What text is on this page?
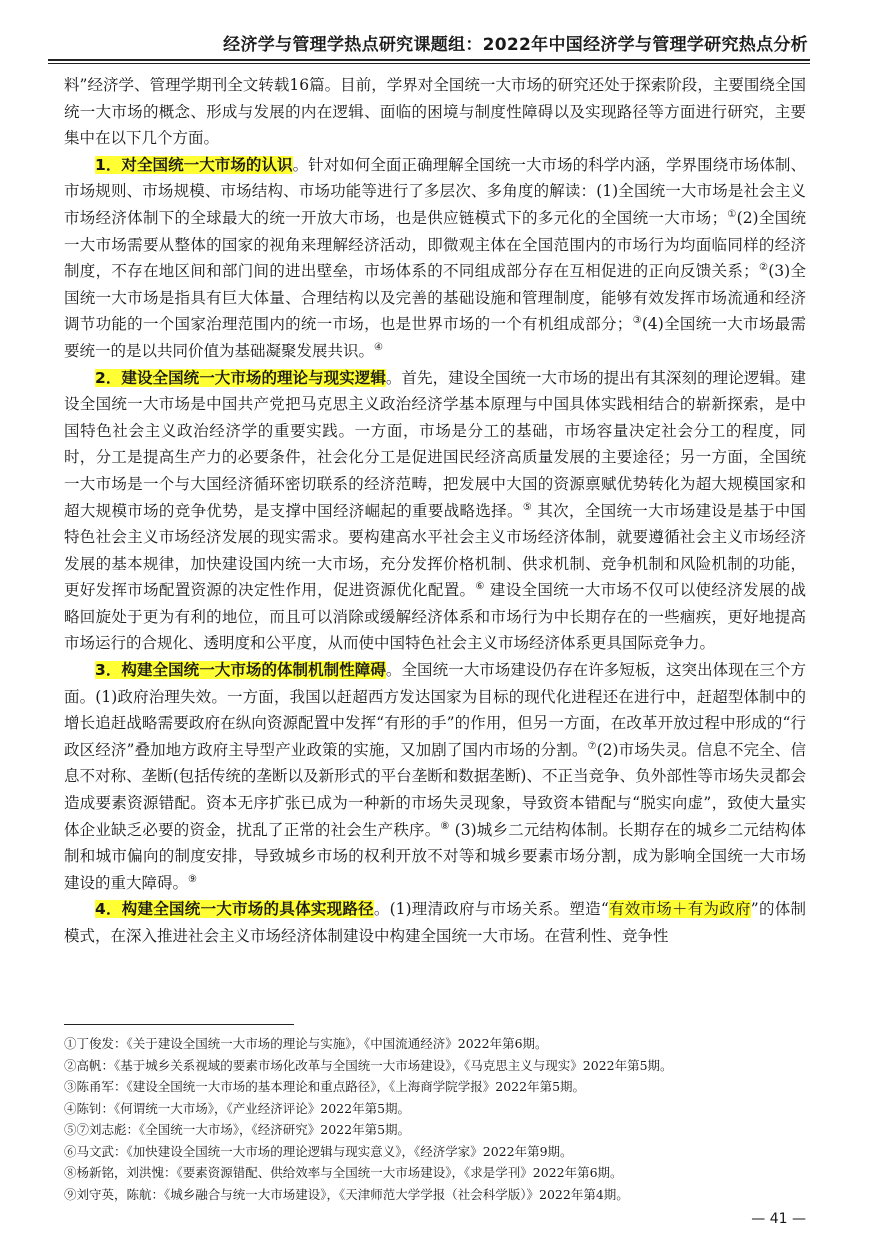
经济学与管理学热点研究课题组：2022年中国经济学与管理学研究热点分析

料”经济学、管理学期刊全文转载16篇。目前，学界对全国统一大市场的研究还处于探索阶段，主要围绕全国统一大市场的概念、形成与发展的内在逻辑、面临的困境与制度性障碍以及实现路径等方面进行研究，主要集中在以下几个方面。

1．对全国统一大市场的认识。针对如何全面正确理解全国统一大市场的科学内涵，学界围绕市场体制、市场规则、市场规模、市场结构、市场功能等进行了多层次、多角度的解读：(1)全国统一大市场是社会主义市场经济体制下的全球最大的统一开放大市场，也是供应链模式下的多元化的全国统一大市场；①(2)全国统一大市场需要从整体的国家的视角来理解经济活动，即微观主体在全国范围内的市场行为均面临同样的经济制度，不存在地区间和部门间的进出壁垒，市场体系的不同组成部分存在互相促进的正向反馈关系；②(3)全国统一大市场是指具有巨大体量、合理结构以及完善的基础设施和管理制度，能够有效发挥市场流通和经济调节功能的一个国家治理范围内的统一市场，也是世界市场的一个有机组成部分；③(4)全国统一大市场最需要统一的是以共同价值为基础凝聚发展共识。④

2．建设全国统一大市场的理论与现实逻辑。首先，建设全国统一大市场的提出有其深刻的理论逻辑。建设全国统一大市场是中国共产党把马克思主义政治经济学基本原理与中国具体实践相结合的崭新探索，是中国特色社会主义政治经济学的重要实践。一方面，市场是分工的基础，市场容量决定社会分工的程度，同时，分工是提高生产力的必要条件，社会化分工是促进国民经济高质量发展的主要途径；另一方面，全国统一大市场是一个与大国经济循环密切联系的经济范畴，把发展中大国的资源禀赋优势转化为超大规模国家和超大规模市场的竞争优势，是支撑中国经济崛起的重要战略选择。⑤ 其次，全国统一大市场建设是基于中国特色社会主义市场经济发展的现实需求。要构建高水平社会主义市场经济体制，就要遵循社会主义市场经济发展的基本规律，加快建设国内统一大市场，充分发挥价格机制、供求机制、竞争机制和风险机制的功能，更好发挥市场配置资源的决定性作用，促进资源优化配置。⑥ 建设全国统一大市场不仅可以使经济发展的战略回旋处于更为有利的地位，而且可以消除或缓解经济体系和市场行为中长期存在的一些痼疾，更好地提高市场运行的合规化、透明度和公平度，从而使中国特色社会主义市场经济体系更具国际竞争力。

3．构建全国统一大市场的体制机制性障碍。全国统一大市场建设仍存在许多短板，这突出体现在三个方面。(1)政府治理失效。一方面，我国以赶超西方发达国家为目标的现代化进程还在进行中，赶超型体制中的增长追赶战略需要政府在纵向资源配置中发挥“有形的手”的作用，但另一方面，在改革开放过程中形成的“行政区经济”叠加地方政府主导型产业政策的实施，又加剧了国内市场的分割。⑦(2)市场失灵。信息不完全、信息不对称、垄断(包括传统的垄断以及新形式的平台垄断和数据垄断)、不正当竞争、负外部性等市场失灵都会造成要素资源错配。资本无序扩张已成为一种新的市场失灵现象，导致资本错配与“脱实向虚”，致使大量实体企业缺乏必要的资金，扰乱了正常的社会生产秩序。⑧ (3)城乡二元结构体制。长期存在的城乡二元结构体制和城市偏向的制度安排，导致城乡市场的权利开放不对等和城乡要素市场分割，成为影响全国统一大市场建设的重大障碍。⑨

4．构建全国统一大市场的具体实现路径。(1)理清政府与市场关系。塑造“有效市场＋有为政府”的体制模式，在深入推进社会主义市场经济体制建设中构建全国统一大市场。在营利性、竞争性

①丁俊发：《关于建设全国统一大市场的理论与实施》，《中国流通经济》2022年第6期。
②高帆：《基于城乡关系视域的要素市场化改革与全国统一大市场建设》，《马克思主义与现实》2022年第5期。
③陈甬军：《建设全国统一大市场的基本理论和重点路径》，《上海商学院学报》2022年第5期。
④陈钊：《何谓统一大市场》，《产业经济评论》2022年第5期。
⑤⑦刘志彪：《全国统一大市场》，《经济研究》2022年第5期。
⑥马文武：《加快建设全国统一大市场的理论逻辑与现实意义》，《经济学家》2022年第9期。
⑧杨新铭，刘洪愧：《要素资源错配、供给效率与全国统一大市场建设》，《求是学刊》2022年第6期。
⑨刘守英，陈航：《城乡融合与统一大市场建设》，《天津师范大学学报（社会科学版）》2022年第4期。
— 41 —
